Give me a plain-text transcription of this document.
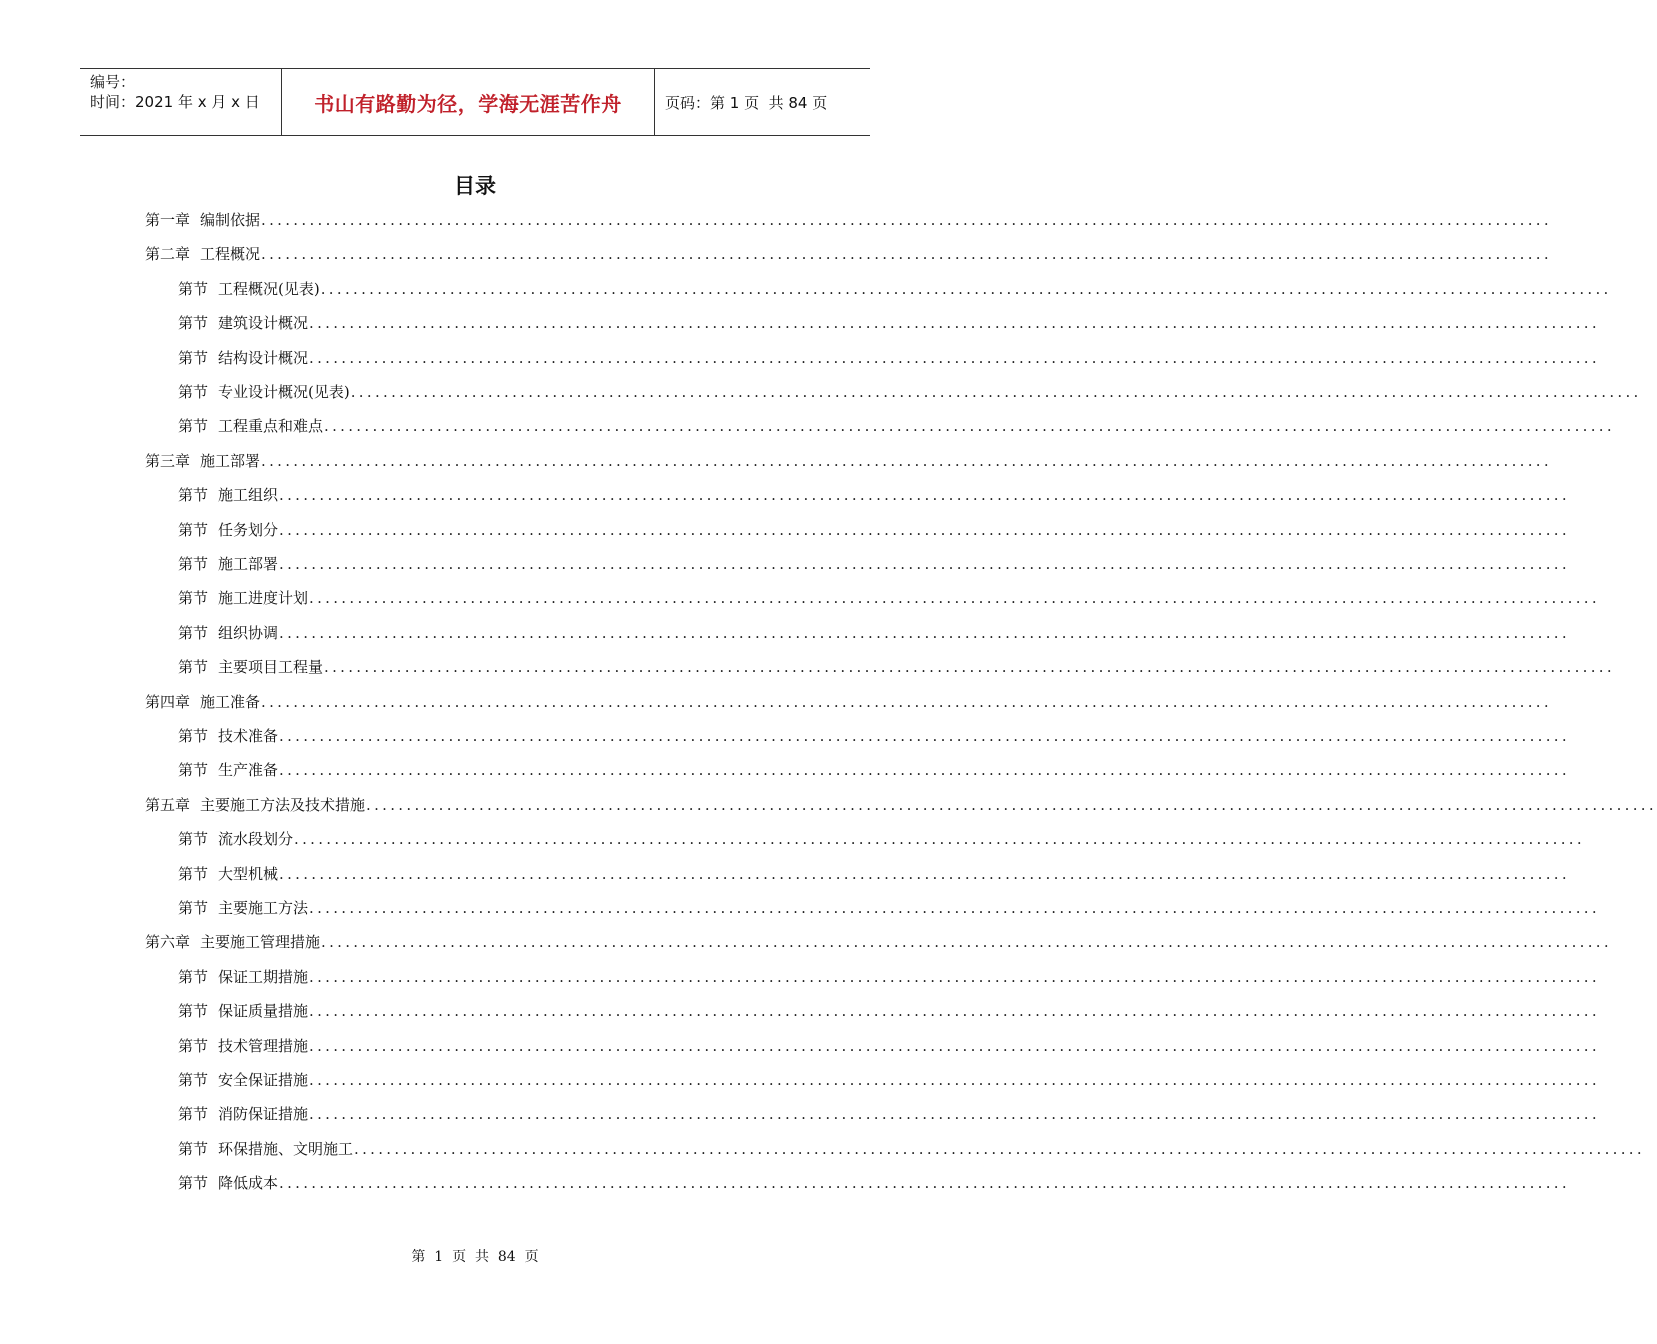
编号：
时间：2021 年 x 月 x 日	书山有路勤为径，学海无涯苦作舟	页码：第 1 页  共 84 页
目录
第一章 编制依据 ................................................................................................................................................................
第二章 工程概况 ................................................................................................................................................................
第节 工程概况(见表) ................................................................................................................................................................
第节 建筑设计概况 ................................................................................................................................................................
第节 结构设计概况 ................................................................................................................................................................
第节 专业设计概况(见表) ................................................................................................................................................................
第节 工程重点和难点 ................................................................................................................................................................
第三章 施工部署 ................................................................................................................................................................
第节 施工组织 ................................................................................................................................................................
第节 任务划分 ................................................................................................................................................................
第节 施工部署 ................................................................................................................................................................
第节 施工进度计划 ................................................................................................................................................................
第节 组织协调 ................................................................................................................................................................
第节 主要项目工程量 ................................................................................................................................................................
第四章 施工准备 ................................................................................................................................................................
第节 技术准备 ................................................................................................................................................................
第节 生产准备 ................................................................................................................................................................
第五章 主要施工方法及技术措施 ................................................................................................................................................................
第节 流水段划分 ................................................................................................................................................................
第节 大型机械 ................................................................................................................................................................
第节 主要施工方法 ................................................................................................................................................................
第六章 主要施工管理措施 ................................................................................................................................................................
第节 保证工期措施 ................................................................................................................................................................
第节 保证质量措施 ................................................................................................................................................................
第节 技术管理措施 ................................................................................................................................................................
第节 安全保证措施 ................................................................................................................................................................
第节 消防保证措施 ................................................................................................................................................................
第节 环保措施、文明施工 ................................................................................................................................................................
第节 降低成本 ................................................................................................................................................................
第  1  页  共  84  页
